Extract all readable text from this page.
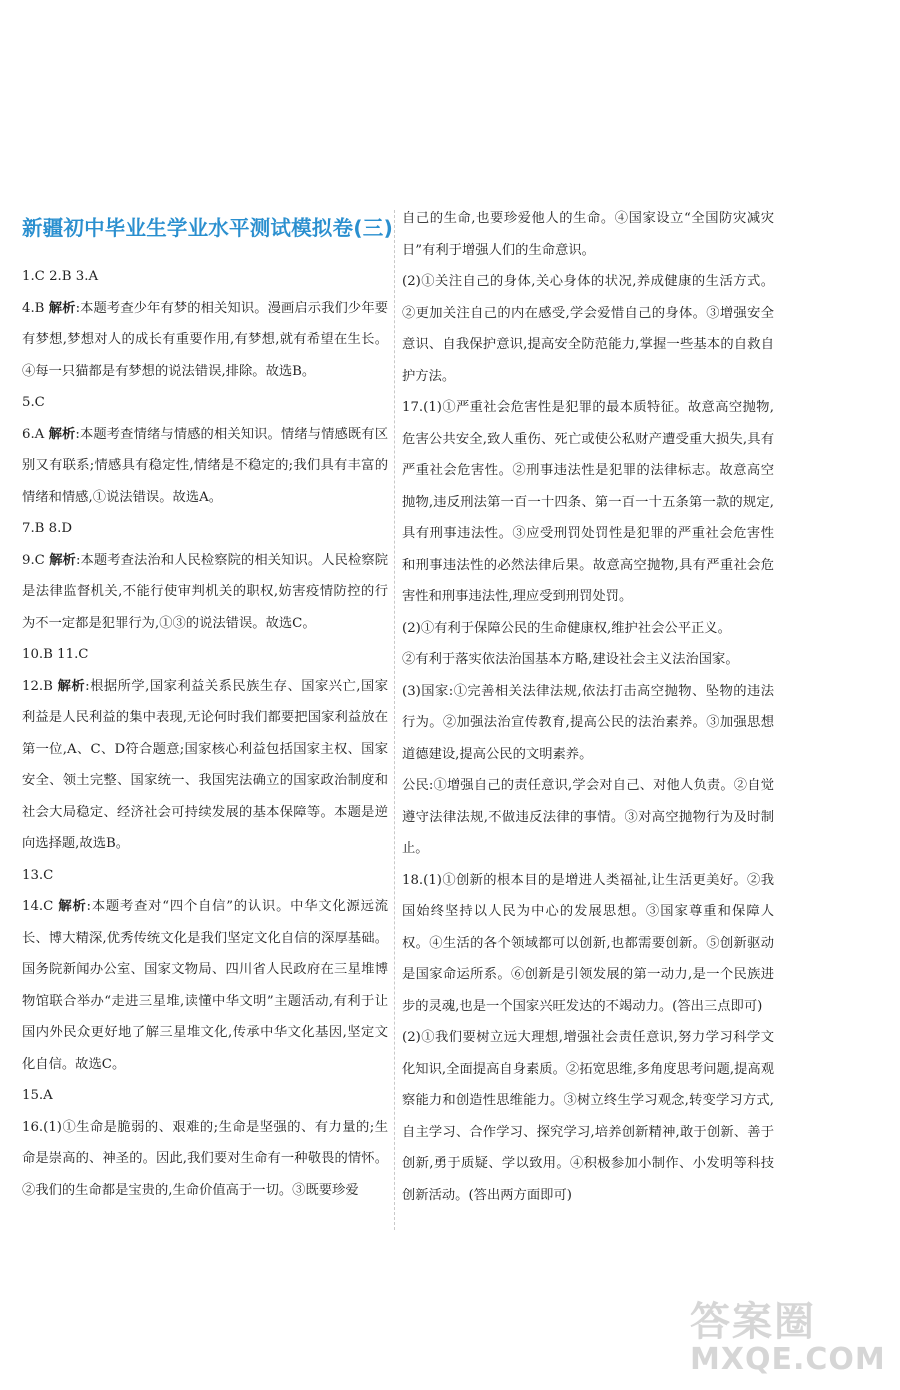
新疆初中毕业生学业水平测试模拟卷(三)
1.C 2.B 3.A
4.B 解析:本题考查少年有梦的相关知识。漫画启示我们少年要有梦想,梦想对人的成长有重要作用,有梦想,就有希望在生长。④每一只猫都是有梦想的说法错误,排除。故选B。
5.C
6.A 解析:本题考查情绪与情感的相关知识。情绪与情感既有区别又有联系;情感具有稳定性,情绪是不稳定的;我们具有丰富的情绪和情感,①说法错误。故选A。
7.B 8.D
9.C 解析:本题考查法治和人民检察院的相关知识。人民检察院是法律监督机关,不能行使审判机关的职权,妨害疫情防控的行为不一定都是犯罪行为,①③的说法错误。故选C。
10.B 11.C
12.B 解析:根据所学,国家利益关系民族生存、国家兴亡,国家利益是人民利益的集中表现,无论何时我们都要把国家利益放在第一位,A、C、D符合题意;国家核心利益包括国家主权、国家安全、领土完整、国家统一、我国宪法确立的国家政治制度和社会大局稳定、经济社会可持续发展的基本保障等。本题是逆向选择题,故选B。
13.C
14.C 解析:本题考查对“四个自信”的认识。中华文化源远流长、博大精深,优秀传统文化是我们坚定文化自信的深厚基础。国务院新闻办公室、国家文物局、四川省人民政府在三星堆博物馆联合举办“走进三星堆,读懂中华文明”主题活动,有利于让国内外民众更好地了解三星堆文化,传承中华文化基因,坚定文化自信。故选C。
15.A
16.(1)①生命是脆弱的、艰难的;生命是坚强的、有力量的;生命是崇高的、神圣的。因此,我们要对生命有一种敬畏的情怀。②我们的生命都是宝贵的,生命价值高于一切。③既要珍爱
自己的生命,也要珍爱他人的生命。④国家设立“全国防灾减灾日”有利于增强人们的生命意识。
(2)①关注自己的身体,关心身体的状况,养成健康的生活方式。②更加关注自己的内在感受,学会爱惜自己的身体。③增强安全意识、自我保护意识,提高安全防范能力,掌握一些基本的自救自护方法。
17.(1)①严重社会危害性是犯罪的最本质特征。故意高空抛物,危害公共安全,致人重伤、死亡或使公私财产遭受重大损失,具有严重社会危害性。②刑事违法性是犯罪的法律标志。故意高空抛物,违反刑法第一百一十四条、第一百一十五条第一款的规定,具有刑事违法性。③应受刑罚处罚性是犯罪的严重社会危害性和刑事违法性的必然法律后果。故意高空抛物,具有严重社会危害性和刑事违法性,理应受到刑罚处罚。
(2)①有利于保障公民的生命健康权,维护社会公平正义。
②有利于落实依法治国基本方略,建设社会主义法治国家。
(3)国家:①完善相关法律法规,依法打击高空抛物、坠物的违法行为。②加强法治宣传教育,提高公民的法治素养。③加强思想道德建设,提高公民的文明素养。
公民:①增强自己的责任意识,学会对自己、对他人负责。②自觉遵守法律法规,不做违反法律的事情。③对高空抛物行为及时制止。
18.(1)①创新的根本目的是增进人类福祉,让生活更美好。②我国始终坚持以人民为中心的发展思想。③国家尊重和保障人权。④生活的各个领域都可以创新,也都需要创新。⑤创新驱动是国家命运所系。⑥创新是引领发展的第一动力,是一个民族进步的灵魂,也是一个国家兴旺发达的不竭动力。(答出三点即可)
(2)①我们要树立远大理想,增强社会责任意识,努力学习科学文化知识,全面提高自身素质。②拓宽思维,多角度思考问题,提高观察能力和创造性思维能力。③树立终生学习观念,转变学习方式,自主学习、合作学习、探究学习,培养创新精神,敢于创新、善于创新,勇于质疑、学以致用。④积极参加小制作、小发明等科技创新活动。(答出两方面即可)
答案圈
MXQE.COM
